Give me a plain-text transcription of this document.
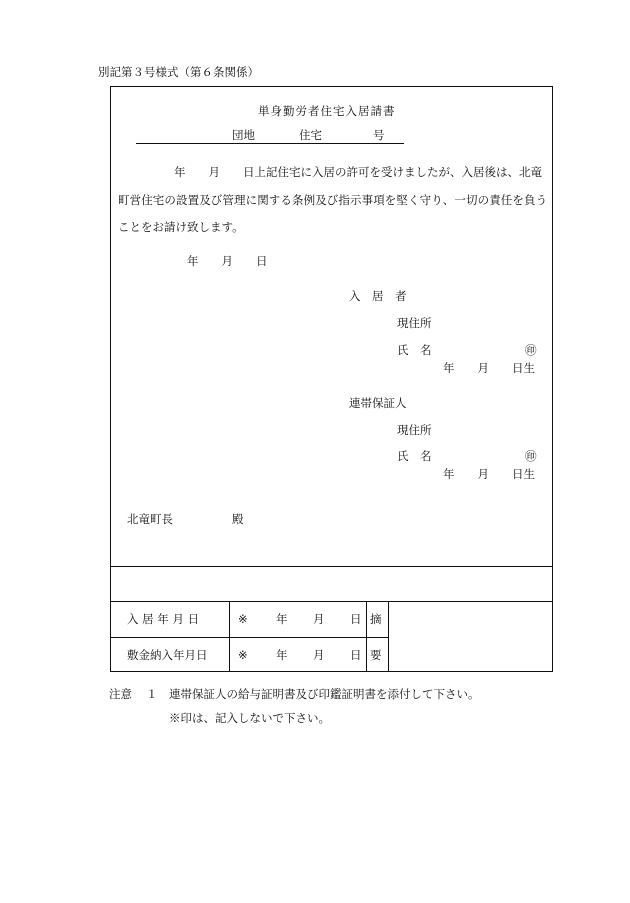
別記第３号様式（第６条関係）
単身勤労者住宅入居請書
団地	住宅	号
年　　月　　日上記住宅に入居の許可を受けましたが、入居後は、北竜
町営住宅の設置及び管理に関する条例及び指示事項を堅く守り、一切の責任を負う
ことをお請け致します。
年　　月　　日
入　居　者
現住所
氏　名	㊞
年　　月　　日生
連帯保証人
現住所
氏　名	㊞
年　　月　　日生
北竜町長	殿
入 居 年 月 日	※ 年 月 日 摘
敷金納入年月日	※ 年 月 日 要
注意 １ 連帯保証人の給与証明書及び印鑑証明書を添付して下さい。
※印は、記入しないで下さい。
